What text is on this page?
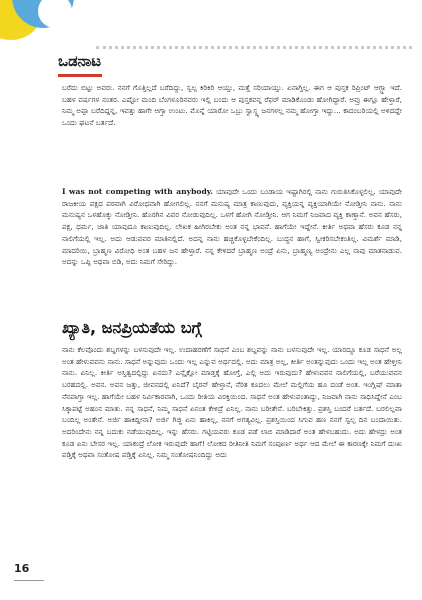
ಒಡನಾಟ

ಬರೆದು ಬಿಟ್ಟು ಅವರು. ನನಗೆ ಗೊತ್ತಿಲ್ಲದೆ ಬರೆದಿದ್ದು, ಸ್ವಲ್ಪ ಕಿರಿಕಿರಿ ಆಯ್ತು, ಮತ್ತೆ ಸರಿಯಾಯ್ತು. ಏನಾಗ್ತಿಲ್ಲ. ಈಗ ಆ ಪುಸ್ತಕ ರಿಪ್ರಿಂಟ್ ಆಗ್ಬ್ತಾ ಇದೆ. ಬಹಳ ವರ್ಷಗಳ ನಂತರ. ಎಷ್ಟೋ ಮಂದಿ ಬೆಂಗಳೂರಿನವರು ಇಲ್ಲಿ ಬಂದು ಆ ಪುಸ್ತಕವನ್ನ ರೆಫರ್ ಮಾಡಿಕೊಂಡು ಹೋಗಿದ್ದಾರೆ. ಅವ್ರು ಈಗ್ಲೂ ಹೇಳ್ತಾರೆ, ನಿಮ್ಮ ಅಪ್ಪಾ ಬರೆದಿದ್ದನ್ನ, ಇವತ್ತು ಹಾಗೇ ಆಗ್ತಾ ಉಂಟು. ಮೊನ್ನೆ ಯಾರೋ ಒಬ್ರು ಸ್ವಾಸ್ಥ್ಯ ಜನಗಳಲ್ಲ ನಮ್ಮ ಹೋಗ್ತಾ ಇದ್ದು... ಕಾದಂಬರಿಯಲ್ಲಿ ಅಳಿದದ್ದೇ ಒಂದು ಘಟನೆ ಬರ್ತದೆ.

I was not competing with anybody. ಯಾವುದೇ ಒಂದು ಬಂಡಾಯ ಇಷ್ಟಾಗಿರಲ್ಲಿ ನಾನು ಗುರುತಿಸಿಕೊಳ್ಳಲಿಲ್ಲ. ಯಾವುದೇ ರಾಜಕೀಯ ಪಕ್ಷದ ಪರವಾಗಿ ವಿರೋಧವಾಗಿ ಹೋಗಲಿಲ್ಲ. ನನಗೆ ಮನುಷ್ಯ ಮಾತ್ರ ಕಾಣುವುದು, ವ್ಯಕ್ತಿಯನ್ನ ವ್ಯಕ್ತಿಯಾಗಿಯೇ ನೋಡ್ತೀನಿ ನಾನು. ನಾನು ಮನುಷ್ಯನ ಒಳಹೊಕ್ಕು ನೋಡ್ತೀನಿ. ಹೊರಗಿನ ವಿವರ ನೋಡುವುದಿಲ್ಲ. ಒಳಗೆ ಹೋಗಿ ನೋಡ್ತೀನಿ. ಆಗ ನಿಮಗೆ ನಿಜವಾದ ವ್ಯಕ್ತಿ ಕಾಣ್ತಾನೆ. ಅವನ ಹೆಸರು, ಪಕ್ಷ, ಧರ್ಮ, ಜಾತಿ ಯಾವುದೂ ಕಾಣುವುದಿಲ್ಲ. ಲೇಖಕ ಹೀಗಿರಬೇಕು ಅಂತ ನನ್ನ ಭಾವನೆ. ಹಾಗೆಯೇ ಇದ್ದೇನೆ. ಕೀರ್ತಿ ಅಥವಾ ಹೆಸರು ಕೂಡ ನನ್ನ ನಾಲಿಗೆಯಲ್ಲಿ ಇಲ್ಲ. ಅದು ಆಡುವವರ ಮಾತಿನಲ್ಲಿದೆ. ಅದನ್ನ ನಾನು ಹಚ್ಚಿಕೊಳ್ಳಬೇಕೆಂದಿಲ್ಲ. ಬುದ್ಧನ ಹಾಗೆ, ಸ್ವೀಕರಿಸಬೇಕಂತಿಲ್ಲ. ವಿಮರ್ಶೆ ಮಾಡಿ, ಮಾದರಿಯಿ, ಬ್ರಾಹ್ಮಣ ವಿರೋಧಿ ಅಂತ ಬಹಳ ಜನ ಹೇಳ್ತಾರೆ. ನನ್ನ ಕೇಳಿದರೆ ಬ್ರಾಹ್ಮಣ ಅಂದ್ರೆ ಏನು, ಬ್ರಾಹ್ಮಣ್ಯ ಅಂದ್ರೇನು ಎಲ್ಲ ನಾವು ಮಾತನಾಡುವ. ಅದನ್ನು ಒಪ್ಪಿ ಅಥವಾ ಬಿಡಿ, ಅದು ನಿಮಗೆ ಸೇರಿದ್ದು.

ಖ್ಯಾತಿ, ಜನಪ್ರಿಯತೆಯ ಬಗ್ಗೆ

ನಾನು ಕೆಲವೊಂದು ಶಬ್ದಗಳನ್ನು ಬಳಸುವುದೇ ಇಲ್ಲ. ಉದಾಹರಣೆಗೆ ಸಾಧನೆ ಎಂಬ ಶಬ್ದವನ್ನು ನಾನು ಬಳಸುವುದೇ ಇಲ್ಲ. ಯಾರದ್ದೂ ಕೂಡ ಸಾಧನೆ ಅಲ್ಲ ಅಂತ ಹೇಳುವವನು ನಾನು. ಸಾಧನೆ ಅನ್ನುವುದು ಒಂದು ಇಲ್ಲ ಎನ್ನುವ ಅರ್ಥದಲ್ಲಿ. ಅದು ಮಾತ್ರ ಅಲ್ಲ, ಕೀರ್ತಿ ಅಂತನ್ನುವುದು ಒಂದು ಇಲ್ಲ ಅಂತ ಹೇಳ್ತೀನಿ ನಾನು. ಏನಿಲ್ಲ. ಕೀರ್ತಿ ಅಸ್ತಿತ್ವದಲ್ಲಿದ್ದು ಏನದು? ಎನ್ಸೈಕ್ಲೋ ಮಾಡ್ತಕ್ಕೆ ಹೋಗ್ತೆ, ಎಲ್ಲಿ ಅದು ಇರುವುದು? ಹೇಳುವವನ ನಾಲಿಗೆಯಲ್ಲಿ, ಬರೆಯುವವನ ಬರಹದಲ್ಲಿ. ಅವನ. ಅವನ ಜತ್ತು, ಜೀವನದಲ್ಲಿ ಏನಿದೆ? ಬೈರನ್ ಹೇಳ್ತಾನೆ, ನೆರಿತ ಕೂದಲು ಮೇಲೆ ಮಲ್ಲಿಗೆಯ ಹೂ ದಂಡೆ ಅಂತ. ಇಂಗ್ಲಿಷ್ ಮಾತಾ ನೆನಪಾಗ್ತಾ ಇಲ್ಲ. ಹಾಗೆಯೇ ಬಹಳ ನಿರ್ವಿಕಾರವಾಗಿ, ಒಂದು ರೀತಿಯ ವಿರಕ್ತಿಯಿಂದ. ಸಾಧನೆ ಅಂತ ಹೇಳುವಂತಾದ್ದು, ನಿಜವಾಗಿ ನಾನು ಸಾಧಿಸಿದ್ದೇನೆ ಎಂಬ ಸಿಕ್ಕಾಪಟ್ಟೆ ಅಹಂನ ಮಾತು. ನನ್ನ ಸಾಧನೆ, ನಿಮ್ಮ ಸಾಧನೆ ಏನಂತ ಕೇಳಿದ್ರೆ ಏನಿಲ್ಲ. ನಾನು ಬರೀತೇನೆ. ಬರಿಬೇಕಿತ್ತು. ಪ್ರಶಸ್ತಿ ಬಂದರೆ ಬರ್ತದೆ. ಬರಲಿಲ್ಲವಾ ಬಂದಿಲ್ಲ ಅಂತೇನೆ. ಅರ್ಜಿ ಹಾಕಿದ್ದೀನಾ? ಅರ್ಜಿ ಗಿಜ್ಜಿ ಏನು ಹಾಕಿಲ್ಲ, ನನಗೆ ಅಗತ್ಯವಿಲ್ಲ. ಪ್ರಶಸ್ತಿಯಿಂದ ಸಿಗುವ ಹಣ ನನಗೆ ಸ್ವಲ್ಪ ದಿನ ಬಂದಾಯಿತು. ಅದರಿಂದೇನು ನನ್ನ ಬದುಕು ನಡೆಯುವುದಿಲ್ಲ. ಇನ್ನು ಹೆಸರು. ಗಟ್ಟಿಯವರು ಕೂಡ ಪಡೆ ಲಾಬಿ ಮಾಡಿದಾರೆ ಅಂತ ಹೇಳಬಹುದು. ಅದು ಹೇಳದ್ರು ಅಂತ ಕೂಡ ಏನು ಬೇಸರ ಇಲ್ಲ. ಯಾಕಂದ್ರೆ ಲೋಕ ಇರುವುದೇ ಹಾಗೆ! ಲೋಕದ ರೀತಿನೀತಿ ನಿಮಗೆ ಸಂಪೂರ್ಣ ಅರ್ಥ ಆದ ಮೇಲೆ ಈ ಕಾರಣಕ್ಕೇ ನಿಮಗೆ ದುಃಖ ಪಡ್ತಿಕ್ಕೆ ಅಥವಾ ಸಂತೋಷ ಪಡ್ತಿಕ್ಕೆ ಏನಿಲ್ಲ. ನಿಮ್ಮ ಸಂತೋಷನಿಂದಿದ್ದು ಅದು

16
